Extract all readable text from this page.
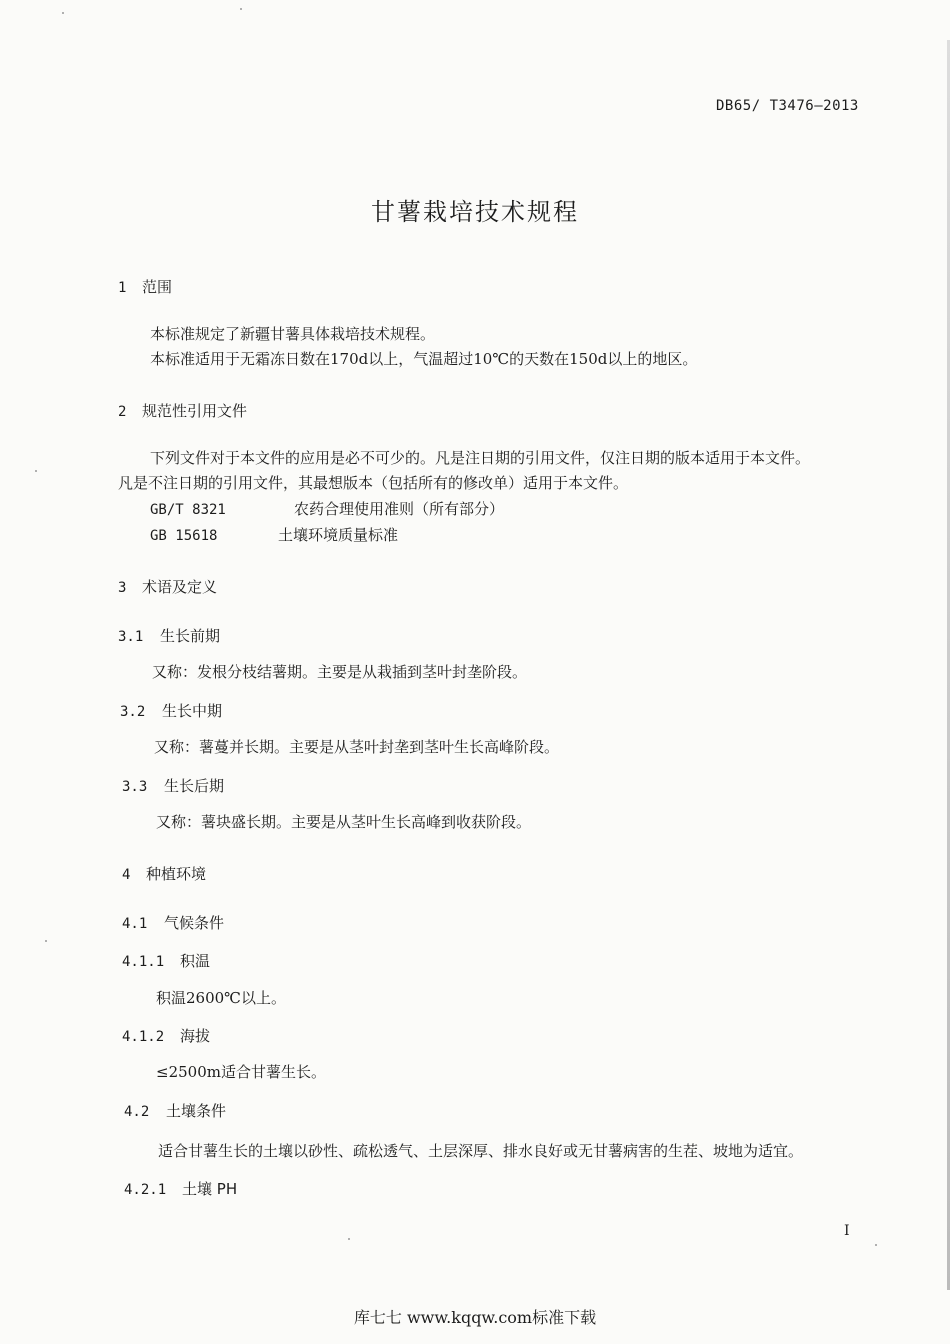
DB65/ T3476—2013
甘薯栽培技术规程
1 范围
本标准规定了新疆甘薯具体栽培技术规程。
本标准适用于无霜冻日数在170d以上，气温超过10℃的天数在150d以上的地区。
2 规范性引用文件
下列文件对于本文件的应用是必不可少的。凡是注日期的引用文件，仅注日期的版本适用于本文件。
凡是不注日期的引用文件，其最想版本（包括所有的修改单）适用于本文件。
GB/T 8321	农药合理使用准则（所有部分）
GB 15618	土壤环境质量标准
3 术语及定义
3.1 生长前期
又称：发根分枝结薯期。主要是从栽插到茎叶封垄阶段。
3.2 生长中期
又称：薯蔓并长期。主要是从茎叶封垄到茎叶生长高峰阶段。
3.3 生长后期
又称：薯块盛长期。主要是从茎叶生长高峰到收获阶段。
4 种植环境
4.1 气候条件
4.1.1 积温
积温2600℃以上。
4.1.2 海拔
≤2500m适合甘薯生长。
4.2 土壤条件
适合甘薯生长的土壤以砂性、疏松透气、土层深厚、排水良好或无甘薯病害的生茬、坡地为适宜。
4.2.1 土壤 PH
I
库七七 www.kqqw.com标准下载
